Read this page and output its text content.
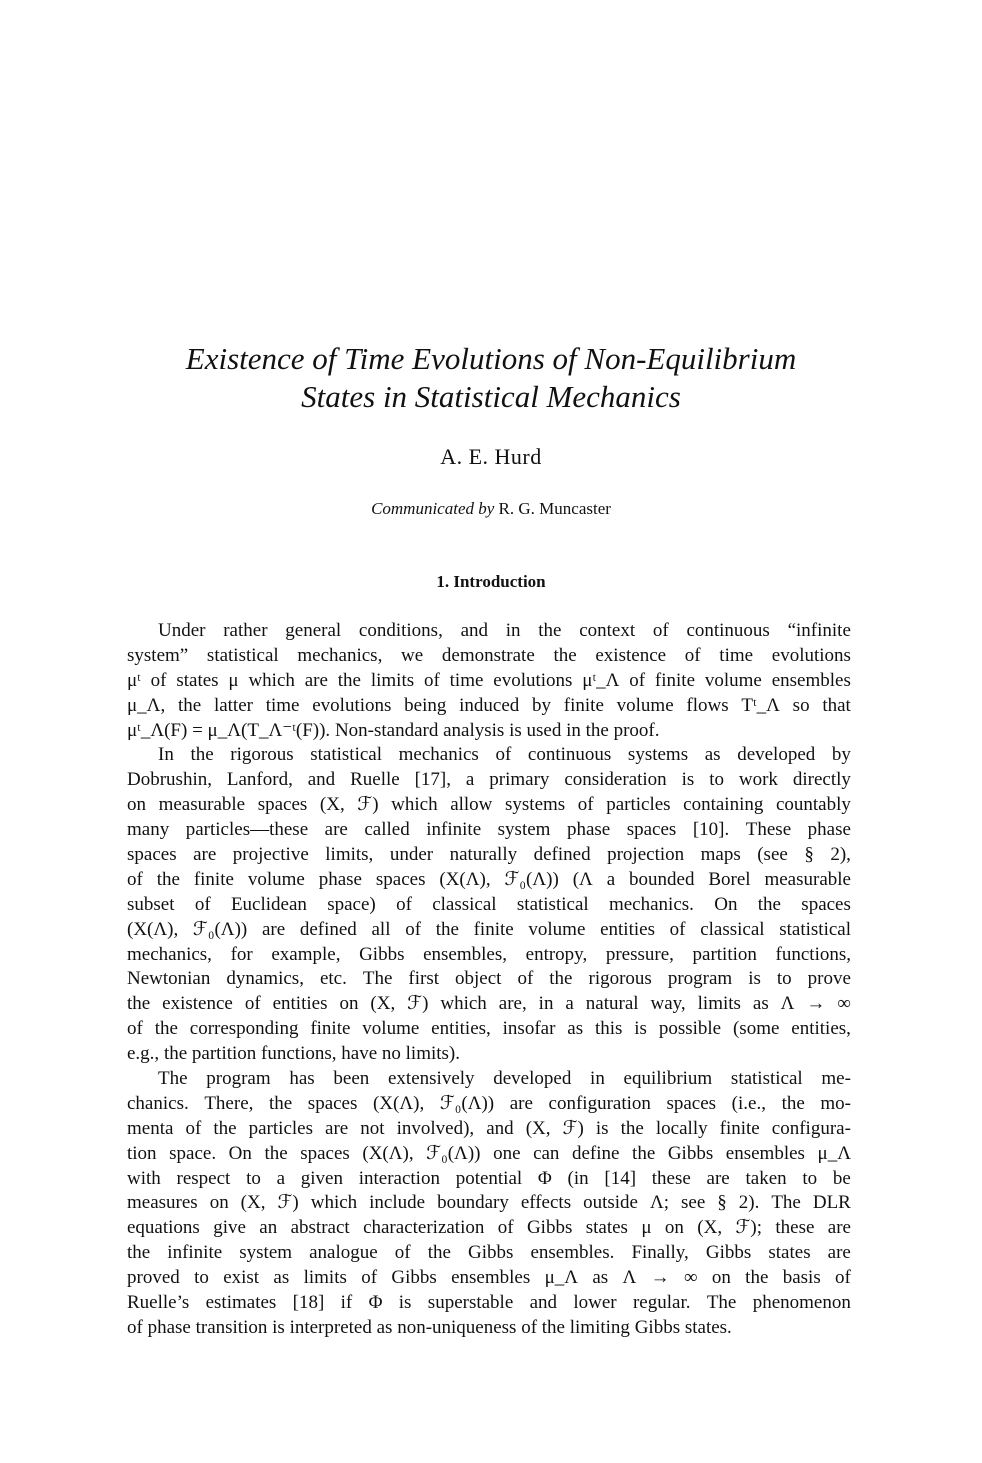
Existence of Time Evolutions of Non-Equilibrium
States in Statistical Mechanics
A. E. Hurd
Communicated by R. G. Muncaster
1. Introduction
Under rather general conditions, and in the context of continuous “infinite
system” statistical mechanics, we demonstrate the existence of time evolutions
μᵗ of states μ which are the limits of time evolutions μᵗ_Λ of finite volume ensembles
μ_Λ, the latter time evolutions being induced by finite volume flows Tᵗ_Λ so that
μᵗ_Λ(F) = μ_Λ(T_Λ⁻ᵗ(F)). Non-standard analysis is used in the proof.
In the rigorous statistical mechanics of continuous systems as developed by
Dobrushin, Lanford, and Ruelle [17], a primary consideration is to work directly
on measurable spaces (X, ℱ) which allow systems of particles containing countably
many particles—these are called infinite system phase spaces [10]. These phase
spaces are projective limits, under naturally defined projection maps (see § 2),
of the finite volume phase spaces (X(Λ), ℱ₀(Λ)) (Λ a bounded Borel measurable
subset of Euclidean space) of classical statistical mechanics. On the spaces
(X(Λ), ℱ₀(Λ)) are defined all of the finite volume entities of classical statistical
mechanics, for example, Gibbs ensembles, entropy, pressure, partition functions,
Newtonian dynamics, etc. The first object of the rigorous program is to prove
the existence of entities on (X, ℱ) which are, in a natural way, limits as Λ → ∞
of the corresponding finite volume entities, insofar as this is possible (some entities,
e.g., the partition functions, have no limits).
The program has been extensively developed in equilibrium statistical me-
chanics. There, the spaces (X(Λ), ℱ₀(Λ)) are configuration spaces (i.e., the mo-
menta of the particles are not involved), and (X, ℱ) is the locally finite configura-
tion space. On the spaces (X(Λ), ℱ₀(Λ)) one can define the Gibbs ensembles μ_Λ
with respect to a given interaction potential Φ (in [14] these are taken to be
measures on (X, ℱ) which include boundary effects outside Λ; see § 2). The DLR
equations give an abstract characterization of Gibbs states μ on (X, ℱ); these are
the infinite system analogue of the Gibbs ensembles. Finally, Gibbs states are
proved to exist as limits of Gibbs ensembles μ_Λ as Λ → ∞ on the basis of
Ruelle’s estimates [18] if Φ is superstable and lower regular. The phenomenon
of phase transition is interpreted as non-uniqueness of the limiting Gibbs states.
